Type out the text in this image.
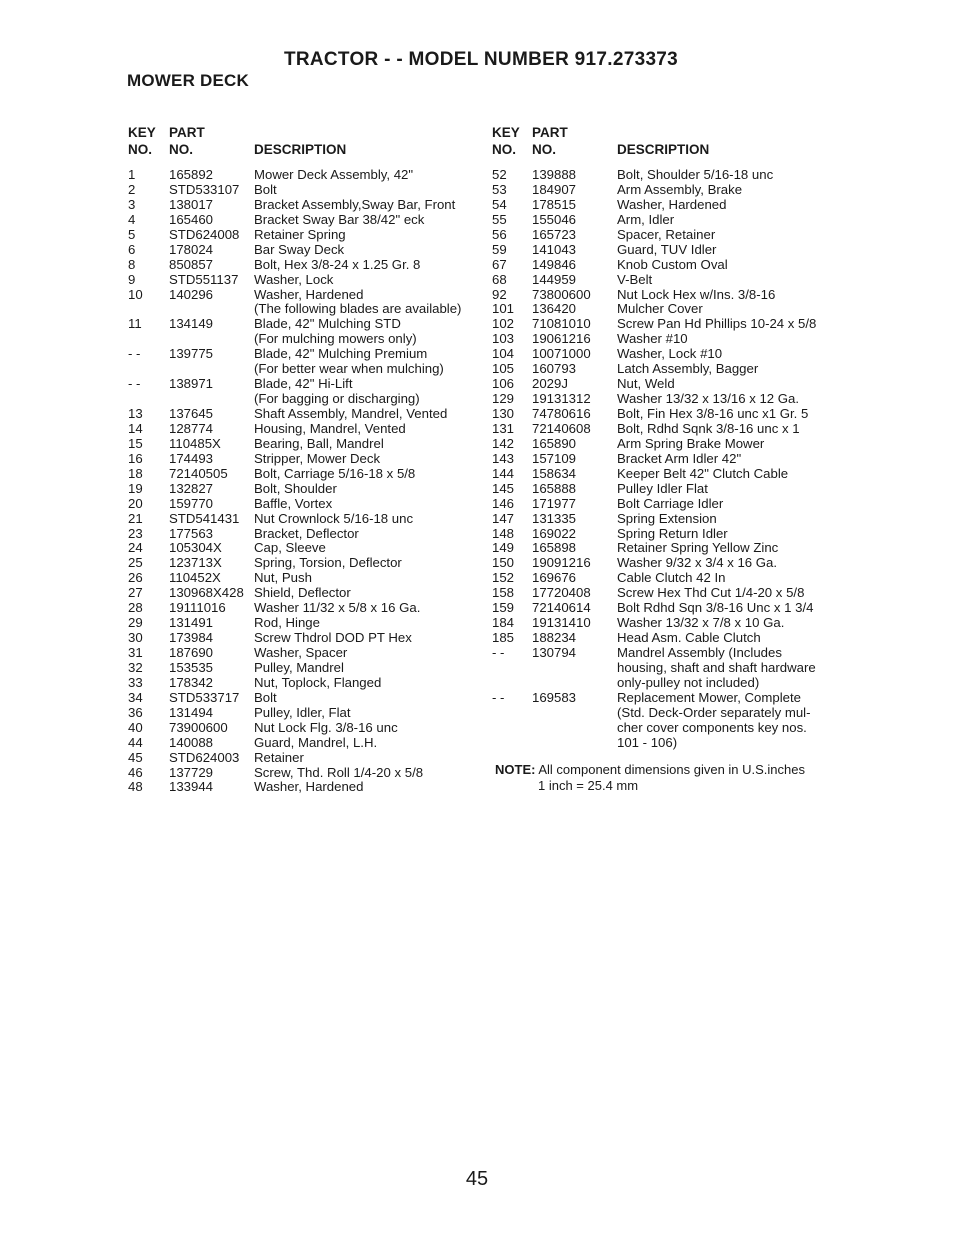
TRACTOR - - MODEL NUMBER 917.273373
MOWER DECK
KEY
NO.
PART
NO.	DESCRIPTION
1	165892	Mower Deck Assembly, 42"
2	STD533107 Bolt
3	138017	Bracket Assembly,Sway Bar, Front
4	165460	Bracket Sway Bar 38/42" eck
5	STD624008 Retainer Spring
6	178024	Bar Sway Deck
8	850857	Bolt, Hex 3/8-24 x 1.25 Gr. 8
9	STD551137 Washer, Lock
10 140296	Washer, Hardened
(The following blades are available)
11 134149	Blade, 42" Mulching STD
(For mulching mowers only)
- - 139775	Blade, 42" Mulching Premium
(For better wear when mulching)
- - 138971	Blade, 42" Hi-Lift
(For bagging or discharging)
13 137645	Shaft Assembly, Mandrel, Vented
14 128774	Housing, Mandrel, Vented
15 110485X	Bearing, Ball, Mandrel
16 174493	Stripper, Mower Deck
18 72140505 Bolt, Carriage 5/16-18 x 5/8
19 132827	Bolt, Shoulder
20 159770	Baffle, Vortex
21 STD541431 Nut Crownlock 5/16-18 unc
23 177563	Bracket, Deflector
24 105304X Cap, Sleeve
25 123713X Spring, Torsion, Deflector
26 110452X	Nut, Push
27 130968X428 Shield, Deflector
28 19111016 Washer 11/32 x 5/8 x 16 Ga.
29 131491	Rod, Hinge
30 173984	Screw Thdrol DOD PT Hex
31 187690	Washer, Spacer
32 153535	Pulley, Mandrel
33 178342	Nut, Toplock, Flanged
34 STD533717 Bolt
36 131494	Pulley, Idler, Flat
40 73900600 Nut Lock Flg. 3/8-16 unc
44 140088	Guard, Mandrel, L.H.
45 STD624003 Retainer
46 137729	Screw, Thd. Roll 1/4-20 x 5/8
48 133944	Washer, Hardened
KEY
NO.
PART
NO.	DESCRIPTION
52 139888	Bolt, Shoulder 5/16-18 unc
53 184907	Arm Assembly, Brake
54 178515	Washer, Hardened
55 155046	Arm, Idler
56 165723	Spacer, Retainer
59 141043	Guard, TUV Idler
67 149846	Knob Custom Oval
68 144959	V-Belt
92 73800600 Nut Lock Hex w/Ins. 3/8-16
101 136420	Mulcher Cover
102 71081010 Screw Pan Hd Phillips 10-24 x 5/8
103 19061216 Washer #10
104 10071000 Washer, Lock #10
105 160793	Latch Assembly, Bagger
106 2029J	Nut, Weld
129 19131312 Washer 13/32 x 13/16 x 12 Ga.
130 74780616 Bolt, Fin Hex 3/8-16 unc x1 Gr. 5
131 72140608 Bolt, Rdhd Sqnk 3/8-16 unc x 1
142 165890	Arm Spring Brake Mower
143 157109	Bracket Arm Idler 42"
144 158634	Keeper Belt 42" Clutch Cable
145 165888	Pulley Idler Flat
146 171977	Bolt Carriage Idler
147 131335	Spring Extension
148 169022	Spring Return Idler
149 165898	Retainer Spring Yellow Zinc
150 19091216 Washer 9/32 x 3/4 x 16 Ga.
152 169676	Cable Clutch 42 In
158 17720408 Screw Hex Thd Cut 1/4-20 x 5/8
159 72140614 Bolt Rdhd Sqn 3/8-16 Unc x 1 3/4
184 19131410 Washer 13/32 x 7/8 x 10 Ga.
185 188234	Head Asm. Cable Clutch
- - 130794	Mandrel Assembly (Includes
housing, shaft and shaft hardware
only-pulley not included)
- - 169583	Replacement Mower, Complete
(Std. Deck-Order separately mul-
cher cover components key nos.
101 - 106)
NOTE: All component dimensions given in U.S.inches
1 inch = 25.4 mm
45
